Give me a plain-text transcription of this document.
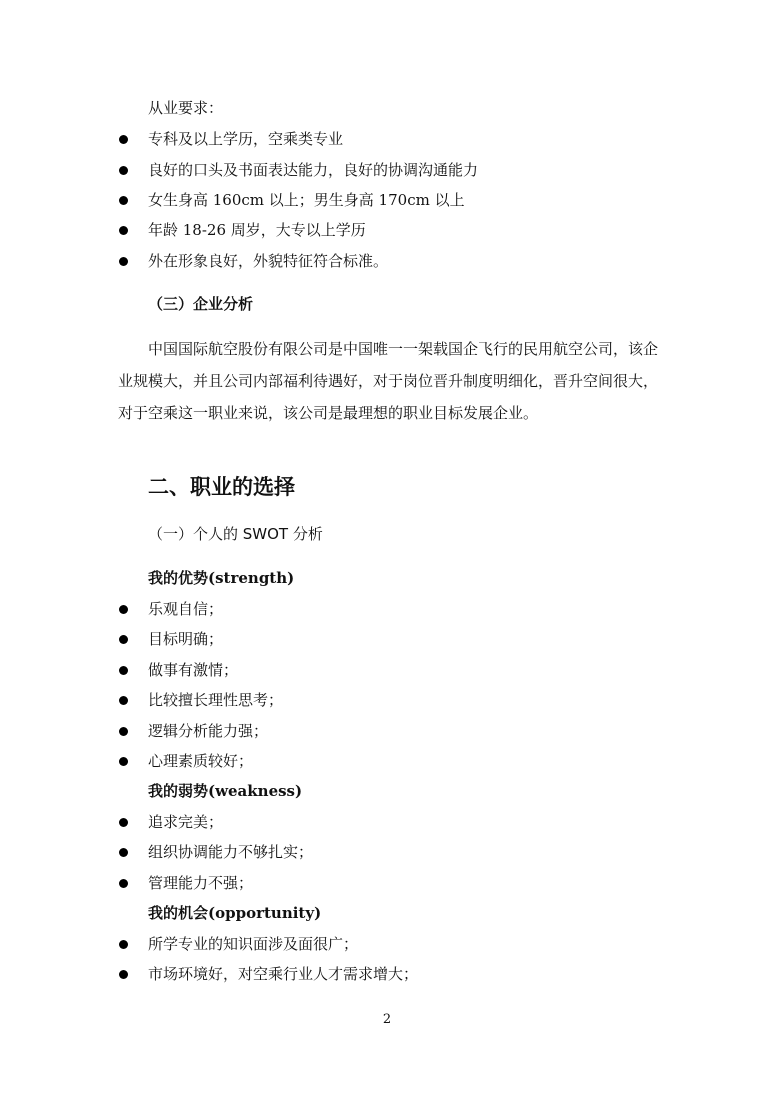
从业要求：
专科及以上学历，空乘类专业
良好的口头及书面表达能力，良好的协调沟通能力
女生身高 160cm 以上；男生身高 170cm 以上
年龄 18-26 周岁，大专以上学历
外在形象良好，外貌特征符合标准。
（三）企业分析
中国国际航空股份有限公司是中国唯一一架载国企飞行的民用航空公司，该企业规模大，并且公司内部福利待遇好，对于岗位晋升制度明细化，晋升空间很大，对于空乘这一职业来说，该公司是最理想的职业目标发展企业。
二、职业的选择
（一）个人的 SWOT 分析
我的优势(strength)
乐观自信；
目标明确；
做事有激情；
比较擅长理性思考；
逻辑分析能力强；
心理素质较好；
我的弱势(weakness)
追求完美；
组织协调能力不够扎实；
管理能力不强；
我的机会(opportunity)
所学专业的知识面涉及面很广；
市场环境好，对空乘行业人才需求增大；
2
